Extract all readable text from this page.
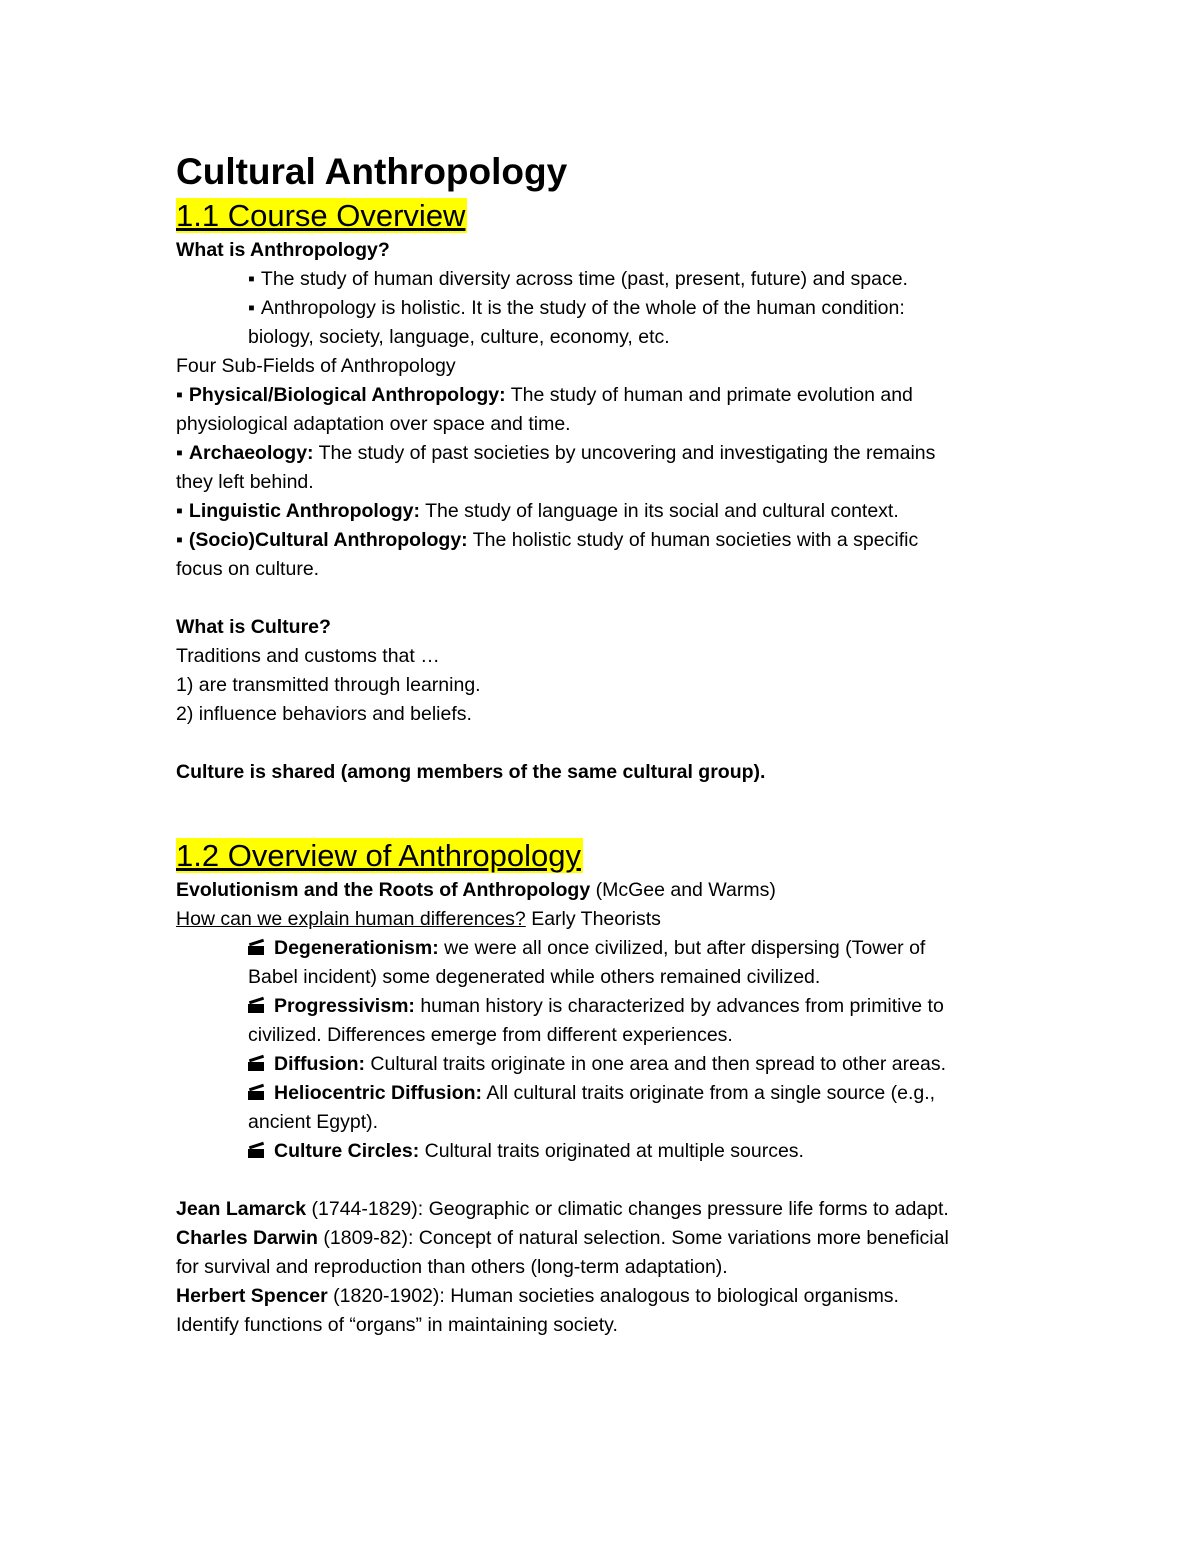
Cultural Anthropology
1.1 Course Overview

What is Anthropology?

▪ The study of human diversity across time (past, present, future) and space.

▪ Anthropology is holistic. It is the study of the whole of the human condition:

biology, society, language, culture, economy, etc.

Four Sub-Fields of Anthropology

▪ Physical/Biological Anthropology: The study of human and primate evolution and

physiological adaptation over space and time.

▪ Archaeology: The study of past societies by uncovering and investigating the remains

they left behind.

▪ Linguistic Anthropology: The study of language in its social and cultural context.

▪ (Socio)Cultural Anthropology: The holistic study of human societies with a specific

focus on culture.

What is Culture?

Traditions and customs that …

1) are transmitted through learning.

2) influence behaviors and beliefs.

Culture is shared (among members of the same cultural group).

1.2 Overview of Anthropology

Evolutionism and the Roots of Anthropology (McGee and Warms)

How can we explain human differences? Early Theorists

Degenerationism: we were all once civilized, but after dispersing (Tower of

Babel incident) some degenerated while others remained civilized.

Progressivism: human history is characterized by advances from primitive to

civilized. Differences emerge from different experiences.

Diffusion: Cultural traits originate in one area and then spread to other areas.

Heliocentric Diffusion: All cultural traits originate from a single source (e.g.,

ancient Egypt).

Culture Circles: Cultural traits originated at multiple sources.

Jean Lamarck (1744-1829): Geographic or climatic changes pressure life forms to adapt.

Charles Darwin (1809-82): Concept of natural selection. Some variations more beneficial

for survival and reproduction than others (long-term adaptation).

Herbert Spencer (1820-1902): Human societies analogous to biological organisms.

Identify functions of “organs” in maintaining society.
